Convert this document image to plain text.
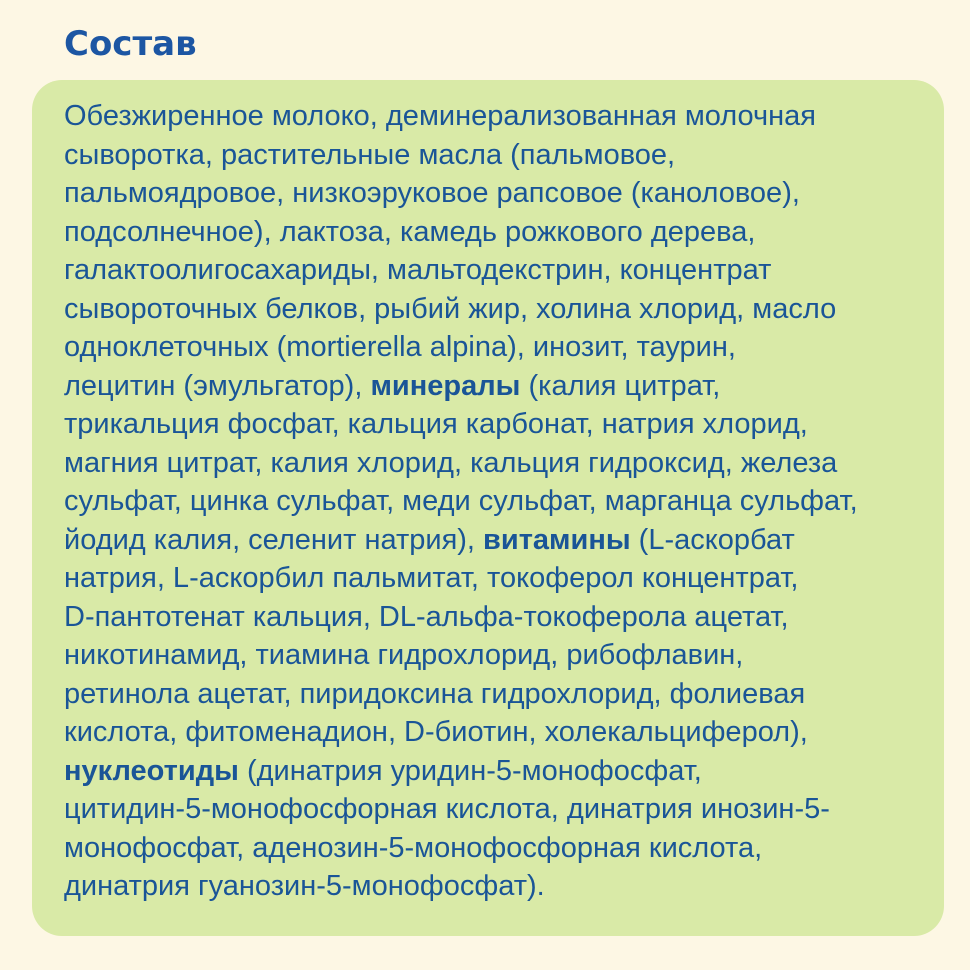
Состав
Обезжиренное молоко, деминерализованная молочная
сыворотка, растительные масла (пальмовое,
пальмоядровое, низкоэруковое рапсовое (каноловое),
подсолнечное), лактоза, камедь рожкового дерева,
галактоолигосахариды, мальтодекстрин, концентрат
сывороточных белков, рыбий жир, холина хлорид, масло
одноклеточных (mortierella alpina), инозит, таурин,
лецитин (эмульгатор), минералы (калия цитрат,
трикальция фосфат, кальция карбонат, натрия хлорид,
магния цитрат, калия хлорид, кальция гидроксид, железа
сульфат, цинка сульфат, меди сульфат, марганца сульфат,
йодид калия, селенит натрия), витамины (L-аскорбат
натрия, L-аскорбил пальмитат, токоферол концентрат,
D-пантотенат кальция, DL-альфа-токоферола ацетат,
никотинамид, тиамина гидрохлорид, рибофлавин,
ретинола ацетат, пиридоксина гидрохлорид, фолиевая
кислота, фитоменадион, D-биотин, холекальциферол),
нуклеотиды (динатрия уридин-5-монофосфат,
цитидин-5-монофосфорная кислота, динатрия инозин-5-
монофосфат, аденозин-5-монофосфорная кислота,
динатрия гуанозин-5-монофосфат).
